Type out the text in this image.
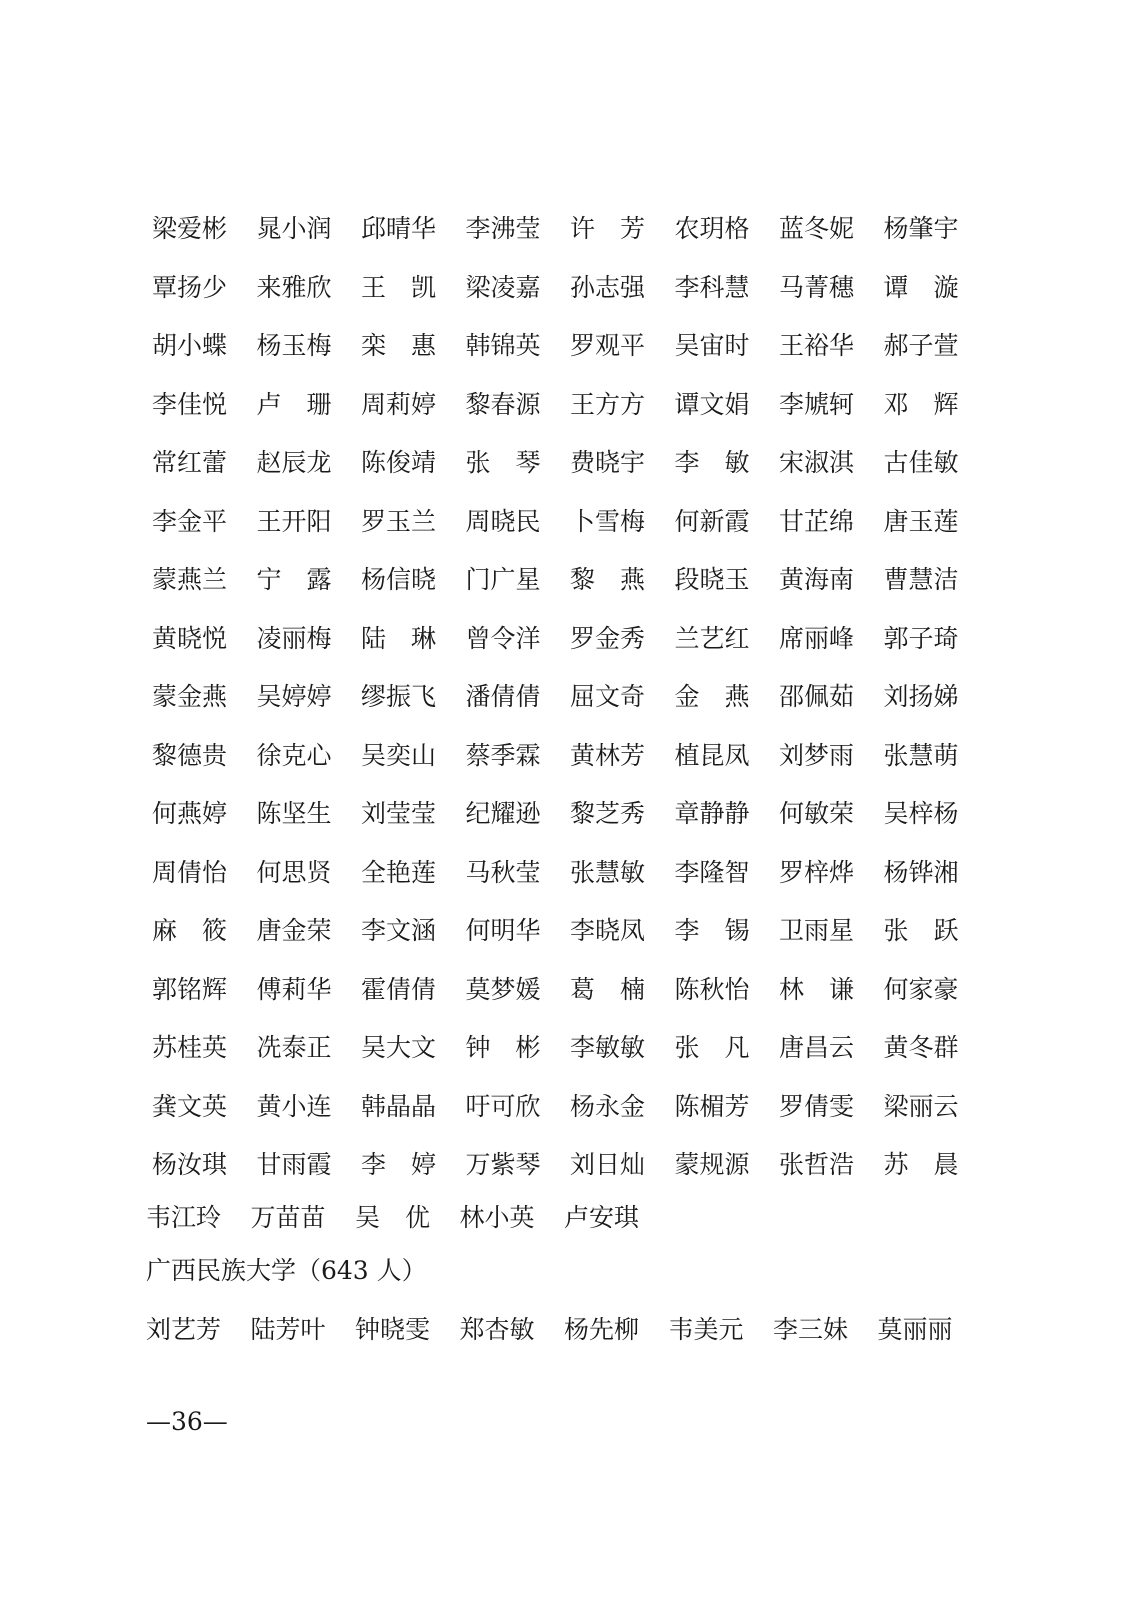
梁爱彬	晁小润	邱晴华	李沸莹	许　芳	农玥格	蓝冬妮	杨肇宇
覃扬少	来雅欣	王　凯	梁凌嘉	孙志强	李科慧	马菁穗	谭　漩
胡小蝶	杨玉梅	栾　惠	韩锦英	罗观平	吴宙时	王裕华	郝子萱
李佳悦	卢　珊	周莉婷	黎春源	王方方	谭文娟	李虓轲	邓　辉
常红蕾	赵辰龙	陈俊靖	张　琴	费晓宇	李　敏	宋淑淇	古佳敏
李金平	王开阳	罗玉兰	周晓民	卜雪梅	何新霞	甘芷绵	唐玉莲
蒙燕兰	宁　露	杨信晓	门广星	黎　燕	段晓玉	黄海南	曹慧洁
黄晓悦	凌丽梅	陆　琳	曾令洋	罗金秀	兰艺红	席丽峰	郭子琦
蒙金燕	吴婷婷	缪振飞	潘倩倩	屈文奇	金　燕	邵佩茹	刘扬娣
黎德贵	徐克心	吴奕山	蔡季霖	黄林芳	植昆凤	刘梦雨	张慧萌
何燕婷	陈坚生	刘莹莹	纪耀逊	黎芝秀	章静静	何敏荣	吴梓杨
周倩怡	何思贤	全艳莲	马秋莹	张慧敏	李隆智	罗梓烨	杨铧湘
麻　筱	唐金荣	李文涵	何明华	李晓凤	李　锡	卫雨星	张　跃
郭铭辉	傅莉华	霍倩倩	莫梦媛	葛　楠	陈秋怡	林　谦	何家豪
苏桂英	冼泰正	吴大文	钟　彬	李敏敏	张　凡	唐昌云	黄冬群
龚文英	黄小连	韩晶晶	吁可欣	杨永金	陈楣芳	罗倩雯	梁丽云
杨汝琪	甘雨霞	李　婷	万紫琴	刘日灿	蒙规源	张哲浩	苏　晨
韦江玲	万苗苗	吴　优	林小英	卢安琪
广西民族大学（643 人）
刘艺芳	陆芳叶	钟晓雯	郑杏敏	杨先柳	韦美元	李三妹	莫丽丽
—36—
